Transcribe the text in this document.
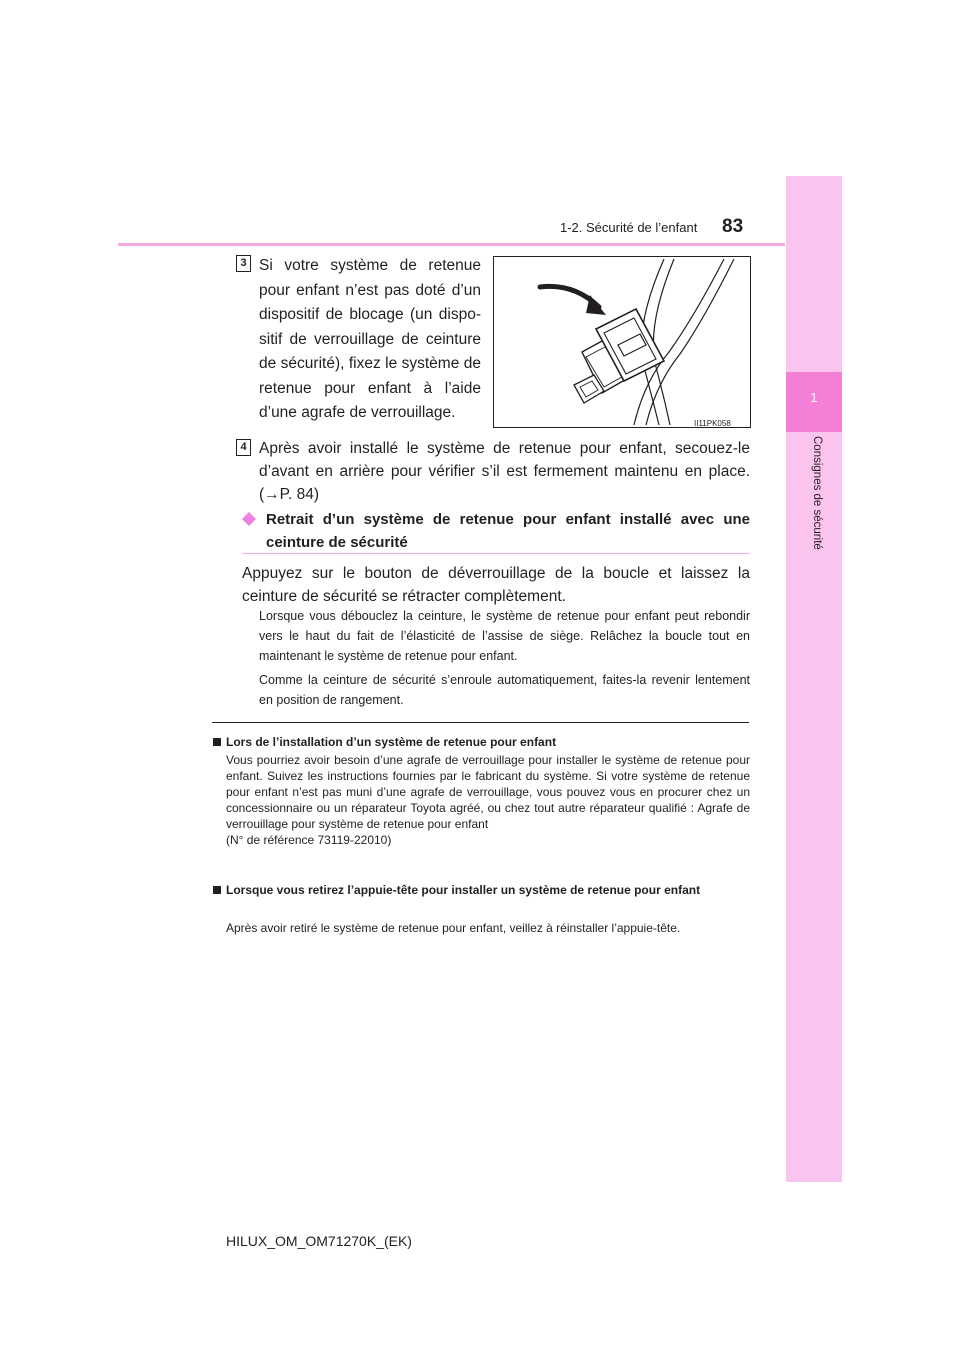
1
Consignes de sécurité
1-2. Sécurité de l’enfant 83
3 Si votre système de retenue
pour enfant n’est pas doté d’un
dispositif de blocage (un dispo-
sitif de verrouillage de ceinture
de sécurité), fixez le système de
retenue pour enfant à l’aide
d’une agrafe de verrouillage.
II11PK058
4 Après avoir installé le système de retenue pour enfant, secouez-le d’avant en arrière pour vérifier s’il est fermement maintenu en place. (→P. 84)
Retrait d’un système de retenue pour enfant installé avec une ceinture de sécurité
Appuyez sur le bouton de déverrouillage de la boucle et laissez la ceinture de sécurité se rétracter complètement.
Lorsque vous débouclez la ceinture, le système de retenue pour enfant peut rebondir vers le haut du fait de l’élasticité de l’assise de siège. Relâchez la boucle tout en maintenant le système de retenue pour enfant.
Comme la ceinture de sécurité s’enroule automatiquement, faites-la revenir lentement en position de rangement.
Lors de l’installation d’un système de retenue pour enfant
Vous pourriez avoir besoin d’une agrafe de verrouillage pour installer le système de retenue pour enfant. Suivez les instructions fournies par le fabricant du système. Si votre système de retenue pour enfant n’est pas muni d’une agrafe de verrouillage, vous pouvez vous en procurer chez un concessionnaire ou un réparateur Toyota agréé, ou chez tout autre réparateur qualifié : Agrafe de verrouillage pour système de retenue pour enfant
(N° de référence 73119-22010)
Lorsque vous retirez l’appuie-tête pour installer un système de retenue pour enfant
Après avoir retiré le système de retenue pour enfant, veillez à réinstaller l’appuie-tête.
HILUX_OM_OM71270K_(EK)
